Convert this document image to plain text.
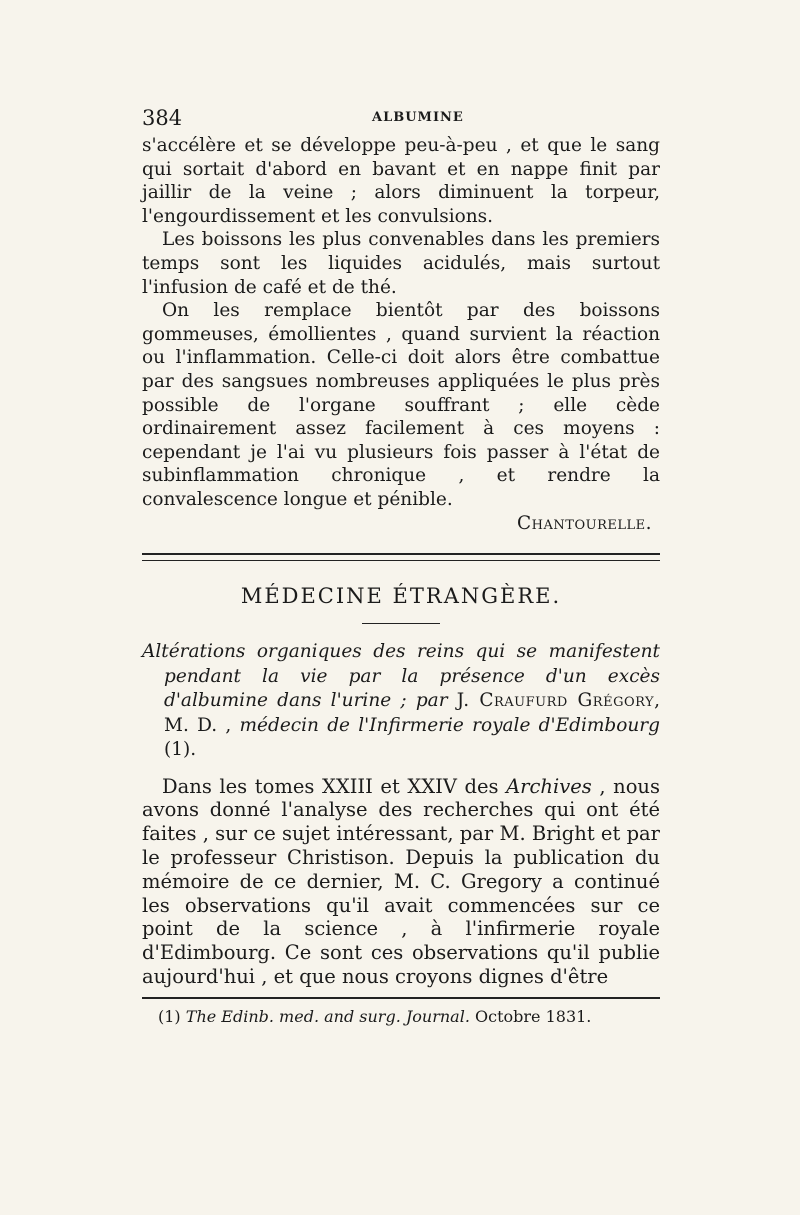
384	ALBUMINE

s'accélère et se développe peu-à-peu , et que le sang qui sortait d'abord en bavant et en nappe finit par jaillir de la veine ; alors diminuent la torpeur, l'engourdissement et les convulsions.

Les boissons les plus convenables dans les premiers temps sont les liquides acidulés, mais surtout l'infusion de café et de thé.

On les remplace bientôt par des boissons gommeuses, émollientes , quand survient la réaction ou l'inflammation. Celle-ci doit alors être combattue par des sangsues nombreuses appliquées le plus près possible de l'organe souffrant ; elle cède ordinairement assez facilement à ces moyens : cependant je l'ai vu plusieurs fois passer à l'état de subinflammation chronique , et rendre la convalescence longue et pénible.

Chantourelle.
MÉDECINE ÉTRANGÈRE.
Altérations organiques des reins qui se manifestent pendant la vie par la présence d'un excès d'albumine dans l'urine ; par J. Craufurd Grégory, M. D. , médecin de l'Infirmerie royale d'Edimbourg (1).

Dans les tomes XXIII et XXIV des Archives , nous avons donné l'analyse des recherches qui ont été faites , sur ce sujet intéressant, par M. Bright et par le professeur Christison. Depuis la publication du mémoire de ce dernier, M. C. Gregory a continué les observations qu'il avait commencées sur ce point de la science , à l'infirmerie royale d'Edimbourg. Ce sont ces observations qu'il publie aujourd'hui , et que nous croyons dignes d'être

(1) The Edinb. med. and surg. Journal. Octobre 1831.
